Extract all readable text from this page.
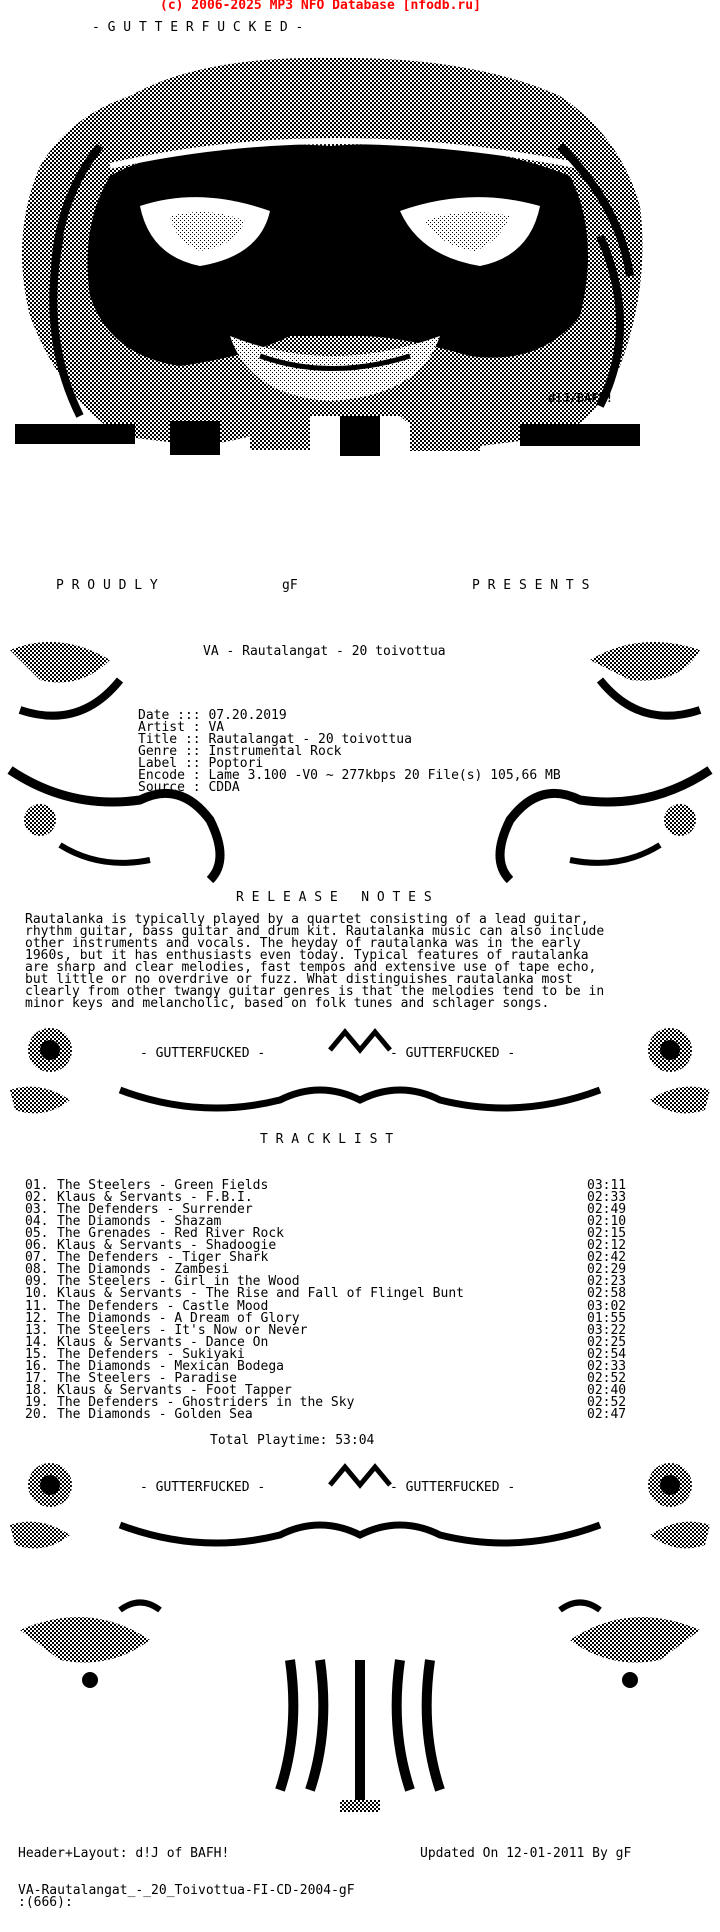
(c) 2006-2025 MP3 NFO Database [nfodb.ru]
- G U T T E R F U C K E D -
d!J/BAFH!
P R O U D L Y	gF	P R E S E N T S
VA - Rautalangat - 20 toivottua
Date ::: 07.20.2019
Artist : VA
Title :: Rautalangat - 20 toivottua
Genre :: Instrumental Rock
Label :: Poptori
Encode : Lame 3.100 -V0 ~ 277kbps 20 File(s) 105,66 MB
Source : CDDA
R E L E A S E   N O T E S
Rautalanka is typically played by a quartet consisting of a lead guitar,
rhythm guitar, bass guitar and drum kit. Rautalanka music can also include
other instruments and vocals. The heyday of rautalanka was in the early
1960s, but it has enthusiasts even today. Typical features of rautalanka
are sharp and clear melodies, fast tempos and extensive use of tape echo,
but little or no overdrive or fuzz. What distinguishes rautalanka most
clearly from other twangy guitar genres is that the melodies tend to be in
minor keys and melancholic, based on folk tunes and schlager songs.
- GUTTERFUCKED -	- GUTTERFUCKED -
T R A C K L I S T
01. The Steelers - Green Fields	03:11
02. Klaus & Servants - F.B.I.	02:33
03. The Defenders - Surrender	02:49
04. The Diamonds - Shazam	02:10
05. The Grenades - Red River Rock	02:15
06. Klaus & Servants - Shadoogie	02:12
07. The Defenders - Tiger Shark	02:42
08. The Diamonds - Zambesi	02:29
09. The Steelers - Girl in the Wood	02:23
10. Klaus & Servants - The Rise and Fall of Flingel Bunt	02:58
11. The Defenders - Castle Mood	03:02
12. The Diamonds - A Dream of Glory	01:55
13. The Steelers - It's Now or Never	03:22
14. Klaus & Servants - Dance On	02:25
15. The Defenders - Sukiyaki	02:54
16. The Diamonds - Mexican Bodega	02:33
17. The Steelers - Paradise	02:52
18. Klaus & Servants - Foot Tapper	02:40
19. The Defenders - Ghostriders in the Sky	02:52
20. The Diamonds - Golden Sea	02:47
Total Playtime: 53:04
- GUTTERFUCKED -	- GUTTERFUCKED -
Header+Layout: d!J of BAFH!	Updated On 12-01-2011 By gF
VA-Rautalangat_-_20_Toivottua-FI-CD-2004-gF
:(666):
